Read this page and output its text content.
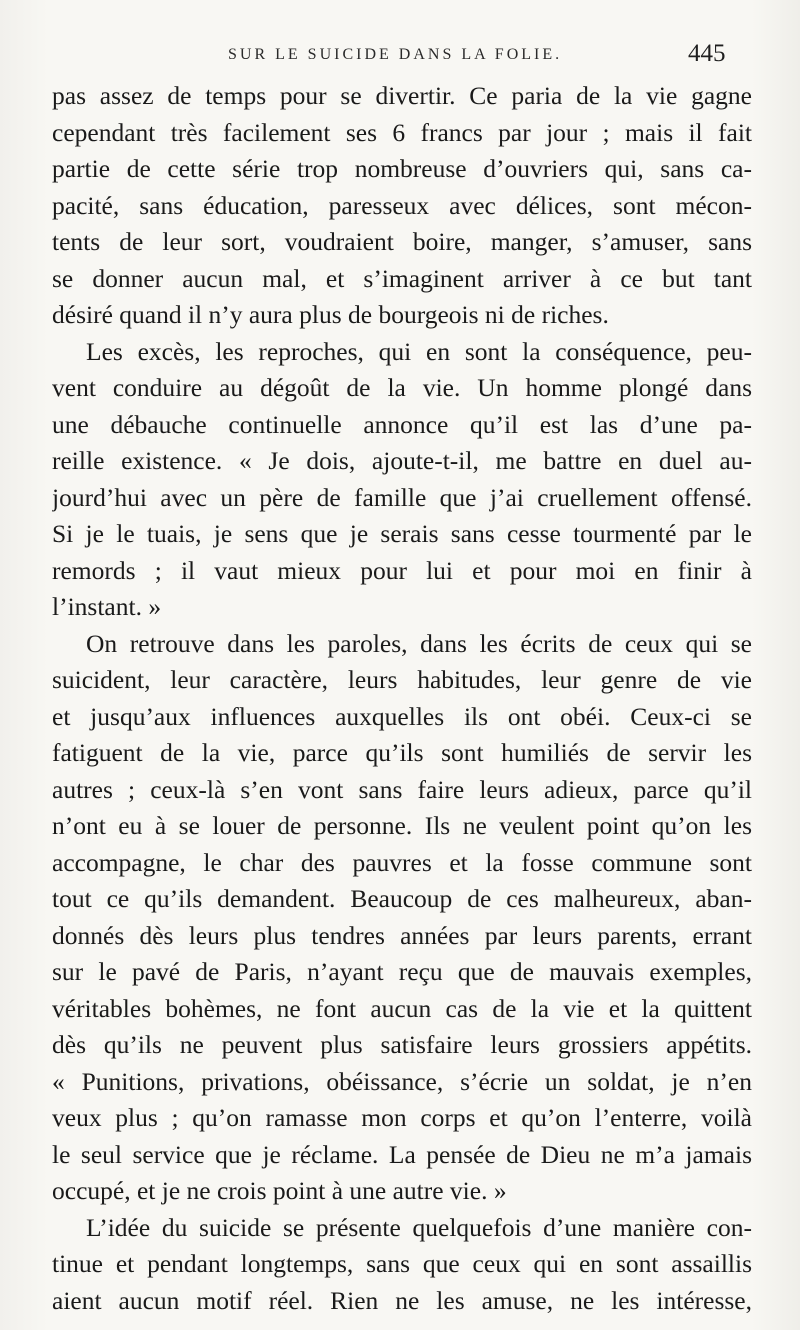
SUR LE SUICIDE DANS LA FOLIE.	445
pas assez de temps pour se divertir. Ce paria de la vie gagne
cependant très facilement ses 6 francs par jour ; mais il fait
partie de cette série trop nombreuse d’ouvriers qui, sans ca-
pacité, sans éducation, paresseux avec délices, sont mécon-
tents de leur sort, voudraient boire, manger, s’amuser, sans
se donner aucun mal, et s’imaginent arriver à ce but tant
désiré quand il n’y aura plus de bourgeois ni de riches.
Les excès, les reproches, qui en sont la conséquence, peu-
vent conduire au dégoût de la vie. Un homme plongé dans
une débauche continuelle annonce qu’il est las d’une pa-
reille existence. « Je dois, ajoute-t-il, me battre en duel au-
jourd’hui avec un père de famille que j’ai cruellement offensé.
Si je le tuais, je sens que je serais sans cesse tourmenté par le
remords ; il vaut mieux pour lui et pour moi en finir à
l’instant. »
On retrouve dans les paroles, dans les écrits de ceux qui se
suicident, leur caractère, leurs habitudes, leur genre de vie
et jusqu’aux influences auxquelles ils ont obéi. Ceux-ci se
fatiguent de la vie, parce qu’ils sont humiliés de servir les
autres ; ceux-là s’en vont sans faire leurs adieux, parce qu’il
n’ont eu à se louer de personne. Ils ne veulent point qu’on les
accompagne, le char des pauvres et la fosse commune sont
tout ce qu’ils demandent. Beaucoup de ces malheureux, aban-
donnés dès leurs plus tendres années par leurs parents, errant
sur le pavé de Paris, n’ayant reçu que de mauvais exemples,
véritables bohèmes, ne font aucun cas de la vie et la quittent
dès qu’ils ne peuvent plus satisfaire leurs grossiers appétits.
« Punitions, privations, obéissance, s’écrie un soldat, je n’en
veux plus ; qu’on ramasse mon corps et qu’on l’enterre, voilà
le seul service que je réclame. La pensée de Dieu ne m’a jamais
occupé, et je ne crois point à une autre vie. »
L’idée du suicide se présente quelquefois d’une manière con-
tinue et pendant longtemps, sans que ceux qui en sont assaillis
aient aucun motif réel. Rien ne les amuse, ne les intéresse,
